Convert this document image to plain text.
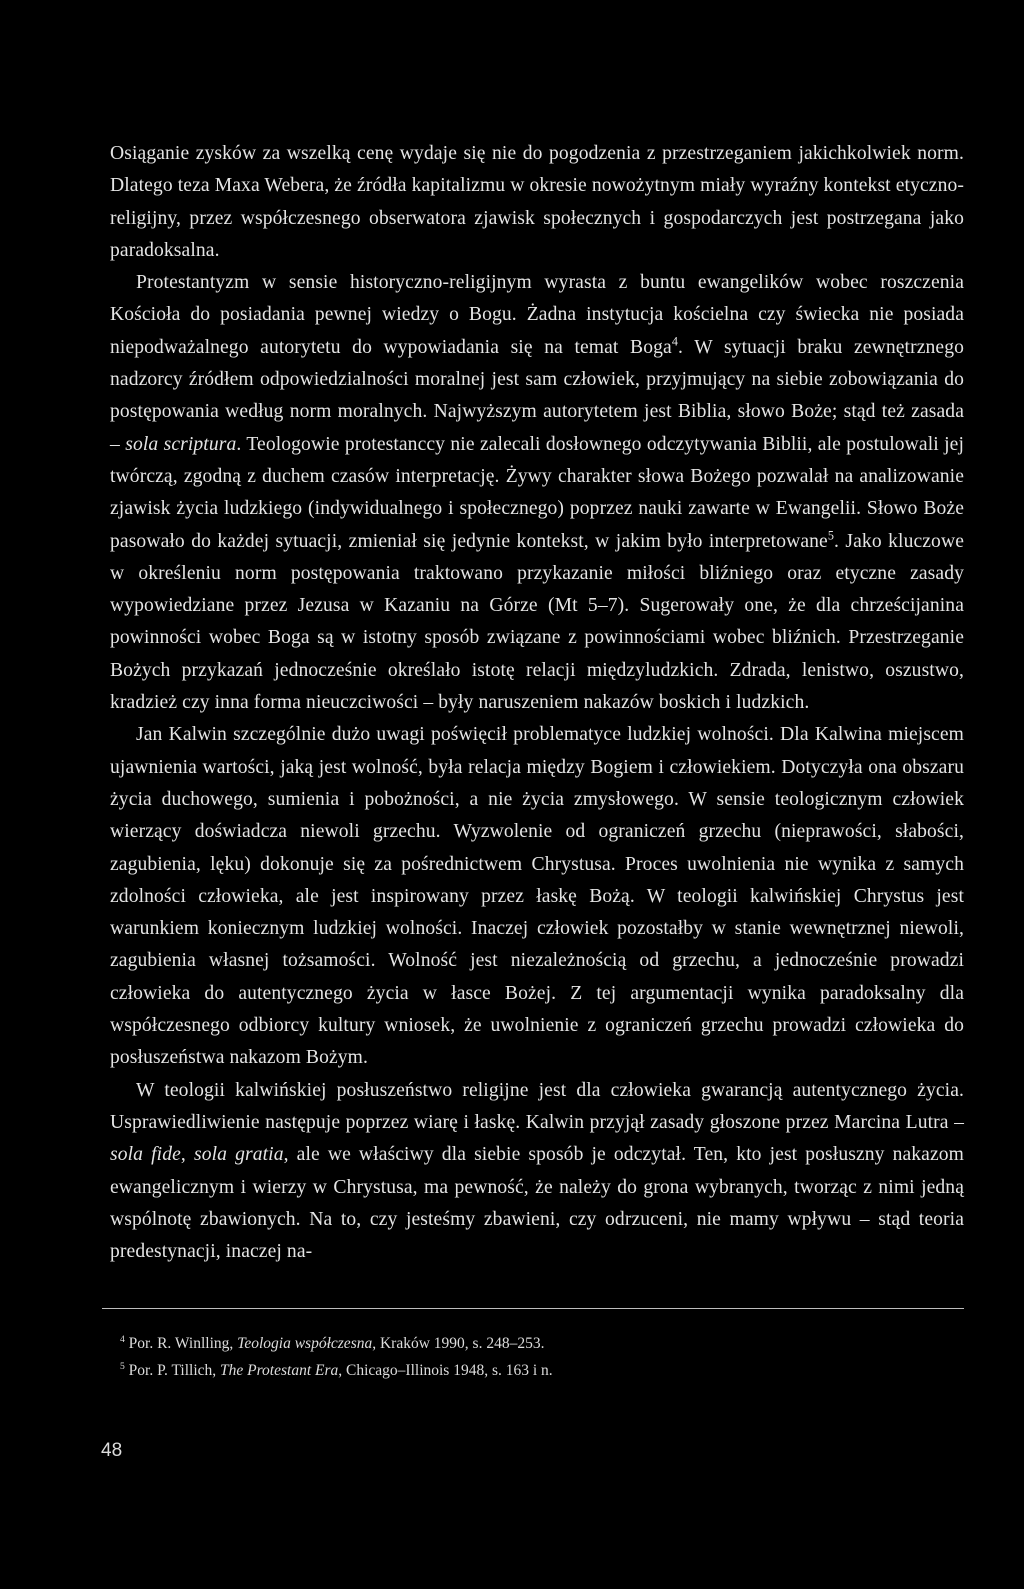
Osiąganie zysków za wszelką cenę wydaje się nie do pogodzenia z przestrzeganiem jakichkolwiek norm. Dlatego teza Maxa Webera, że źródła kapitalizmu w okresie nowożytnym miały wyraźny kontekst etyczno-religijny, przez współczesnego obserwatora zjawisk społecznych i gospodarczych jest postrzegana jako paradoksalna.

Protestantyzm w sensie historyczno-religijnym wyrasta z buntu ewangelików wobec roszczenia Kościoła do posiadania pewnej wiedzy o Bogu. Żadna instytucja kościelna czy świecka nie posiada niepodważalnego autorytetu do wypowiadania się na temat Boga$^4$. W sytuacji braku zewnętrznego nadzorcy źródłem odpowiedzialności moralnej jest sam człowiek, przyjmujący na siebie zobowiązania do postępowania według norm moralnych. Najwyższym autorytetem jest Biblia, słowo Boże; stąd też zasada – sola scriptura. Teologowie protestanccy nie zalecali dosłownego odczytywania Biblii, ale postulowali jej twórczą, zgodną z duchem czasów interpretację. Żywy charakter słowa Bożego pozwalał na analizowanie zjawisk życia ludzkiego (indywidualnego i społecznego) poprzez nauki zawarte w Ewangelii. Słowo Boże pasowało do każdej sytuacji, zmieniał się jedynie kontekst, w jakim było interpretowane$^5$. Jako kluczowe w określeniu norm postępowania traktowano przykazanie miłości bliźniego oraz etyczne zasady wypowiedziane przez Jezusa w Kazaniu na Górze (Mt 5–7). Sugerowały one, że dla chrześcijanina powinności wobec Boga są w istotny sposób związane z powinnościami wobec bliźnich. Przestrzeganie Bożych przykazań jednocześnie określało istotę relacji międzyludzkich. Zdrada, lenistwo, oszustwo, kradzież czy inna forma nieuczciwości – były naruszeniem nakazów boskich i ludzkich.

Jan Kalwin szczególnie dużo uwagi poświęcił problematyce ludzkiej wolności. Dla Kalwina miejscem ujawnienia wartości, jaką jest wolność, była relacja między Bogiem i człowiekiem. Dotyczyła ona obszaru życia duchowego, sumienia i pobożności, a nie życia zmysłowego. W sensie teologicznym człowiek wierzący doświadcza niewoli grzechu. Wyzwolenie od ograniczeń grzechu (nieprawości, słabości, zagubienia, lęku) dokonuje się za pośrednictwem Chrystusa. Proces uwolnienia nie wynika z samych zdolności człowieka, ale jest inspirowany przez łaskę Bożą. W teologii kalwińskiej Chrystus jest warunkiem koniecznym ludzkiej wolności. Inaczej człowiek pozostałby w stanie wewnętrznej niewoli, zagubienia własnej tożsamości. Wolność jest niezależnością od grzechu, a jednocześnie prowadzi człowieka do autentycznego życia w łasce Bożej. Z tej argumentacji wynika paradoksalny dla współczesnego odbiorcy kultury wniosek, że uwolnienie z ograniczeń grzechu prowadzi człowieka do posłuszeństwa nakazom Bożym.

W teologii kalwińskiej posłuszeństwo religijne jest dla człowieka gwarancją autentycznego życia. Usprawiedliwienie następuje poprzez wiarę i łaskę. Kalwin przyjął zasady głoszone przez Marcina Lutra – sola fide, sola gratia, ale we właściwy dla siebie sposób je odczytał. Ten, kto jest posłuszny nakazom ewangelicznym i wierzy w Chrystusa, ma pewność, że należy do grona wybranych, tworząc z nimi jedną wspólnotę zbawionych. Na to, czy jesteśmy zbawieni, czy odrzuceni, nie mamy wpływu – stąd teoria predestynacji, inaczej na-

$^4$ Por. R. Winlling, Teologia współczesna, Kraków 1990, s. 248–253.
$^5$ Por. P. Tillich, The Protestant Era, Chicago–Illinois 1948, s. 163 i n.
48
